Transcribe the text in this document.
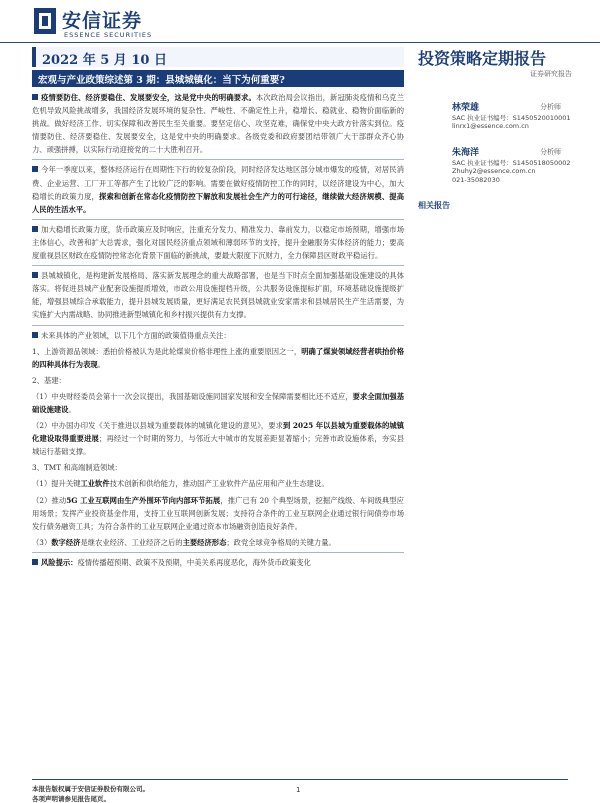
安信证券
ESSENCE SECURITIES
2022 年 5 月 10 日	投资策略定期报告
证券研究报告
宏观与产业政策综述第 3 期：县城城镇化：当下为何重要?

疫情要防住、经济要稳住、发展要安全，这是党中央的明确要求。本次政治局会议指出，新冠肺炎疫情和乌克兰危机导致风险挑战增多，我国经济发展环境的复杂性、严峻性、不确定性上升，稳增长、稳就业、稳物价面临新的挑战。做好经济工作、切实保障和改善民生至关重要。要坚定信心、攻坚克难，确保党中央大政方针落实到位。疫情要防住、经济要稳住、发展要安全，这是党中央的明确要求。各级党委和政府要团结带领广大干部群众齐心协力、顽强拼搏，以实际行动迎接党的二十大胜利召开。

今年一季度以来，整体经济运行在周期性下行的较复杂阶段，同时经济发达地区部分城市爆发的疫情，对居民消费、企业运营、工厂开工等都产生了比较广泛的影响。需要在做好疫情防控工作的同时，以经济建设为中心，加大稳增长的政策力度，探索和创新在常态化疫情防控下解放和发展社会生产力的可行途径，继续做大经济规模、提高人民的生活水平。

加大稳增长政策力度，货币政策应及时响应，注重充分发力、精准发力、靠前发力，以稳定市场预期，增强市场主体信心，改善和扩大总需求，强化对国民经济重点领域和薄弱环节的支持，提升金融服务实体经济的能力；要高度重视县区财政在疫情防控常态化背景下面临的新挑战，要最大限度下沉财力，全力保障县区财政平稳运行。

县城城镇化，是构建新发展格局、落实新发展理念的重大战略部署，也是当下时点全面加强基础设施建设的具体落实。将促进县城产业配套设施提质增效，市政公用设施提档升级，公共服务设施提标扩面，环境基础设施提级扩能，增强县城综合承载能力，提升县城发展质量，更好满足农民到县城就业安家需求和县城居民生产生活需要，为实施扩大内需战略、协同推进新型城镇化和乡村振兴提供有力支撑。

未来具体的产业领域，以下几个方面的政策值得重点关注：

1、上游资源品领域：悉拍价格被认为是此轮煤炭价格非理性上涨的重要原因之一，明确了煤炭领域经营者哄抬价格的四种具体行为表现。

2、基建：

（1）中央财经委员会第十一次会议提出，我国基础设施同国家发展和安全保障需要相比还不适应，要求全面加强基础设施建设。

（2）中办国办印发《关于推进以县城为重要载体的城镇化建设的意见》，要求到 2025 年以县城为重要载体的城镇化建设取得重要进展；再经过一个时期的努力，与邻近大中城市的发展差距显著缩小；完善市政设施体系，夯实县城运行基础支撑。

3、TMT 和高端制造领域：

（1）提升关键工业软件技术创新和供给能力，推动国产工业软件产品应用和产业生态建设。

（2）推动5G 工业互联网由生产外围环节向内部环节拓展，推广已有 20 个典型场景，挖掘产线级、车间级典型应用场景；发挥产业投资基金作用，支持工业互联网创新发展；支持符合条件的工业互联网企业通过银行间债券市场发行债务融资工具；为符合条件的工业互联网企业通过资本市场融资创造良好条件。

（3）数字经济是继农业经济、工业经济之后的主要经济形态；政党全球竞争格局的关键力量。

风险提示：疫情传播超预期、政策不及预期，中美关系再度恶化，海外货币政策变化

林荣雄	分析师
SAC 执业证书编号：S1450520010001
linrx1@essence.com.cn
朱海洋	分析师
SAC 执业证书编号：S1450518050002
Zhuhy2@essence.com.cn
021-35082030
相关报告
本报告版权属于安信证券股份有限公司。
各项声明请参见报告尾页。
1
